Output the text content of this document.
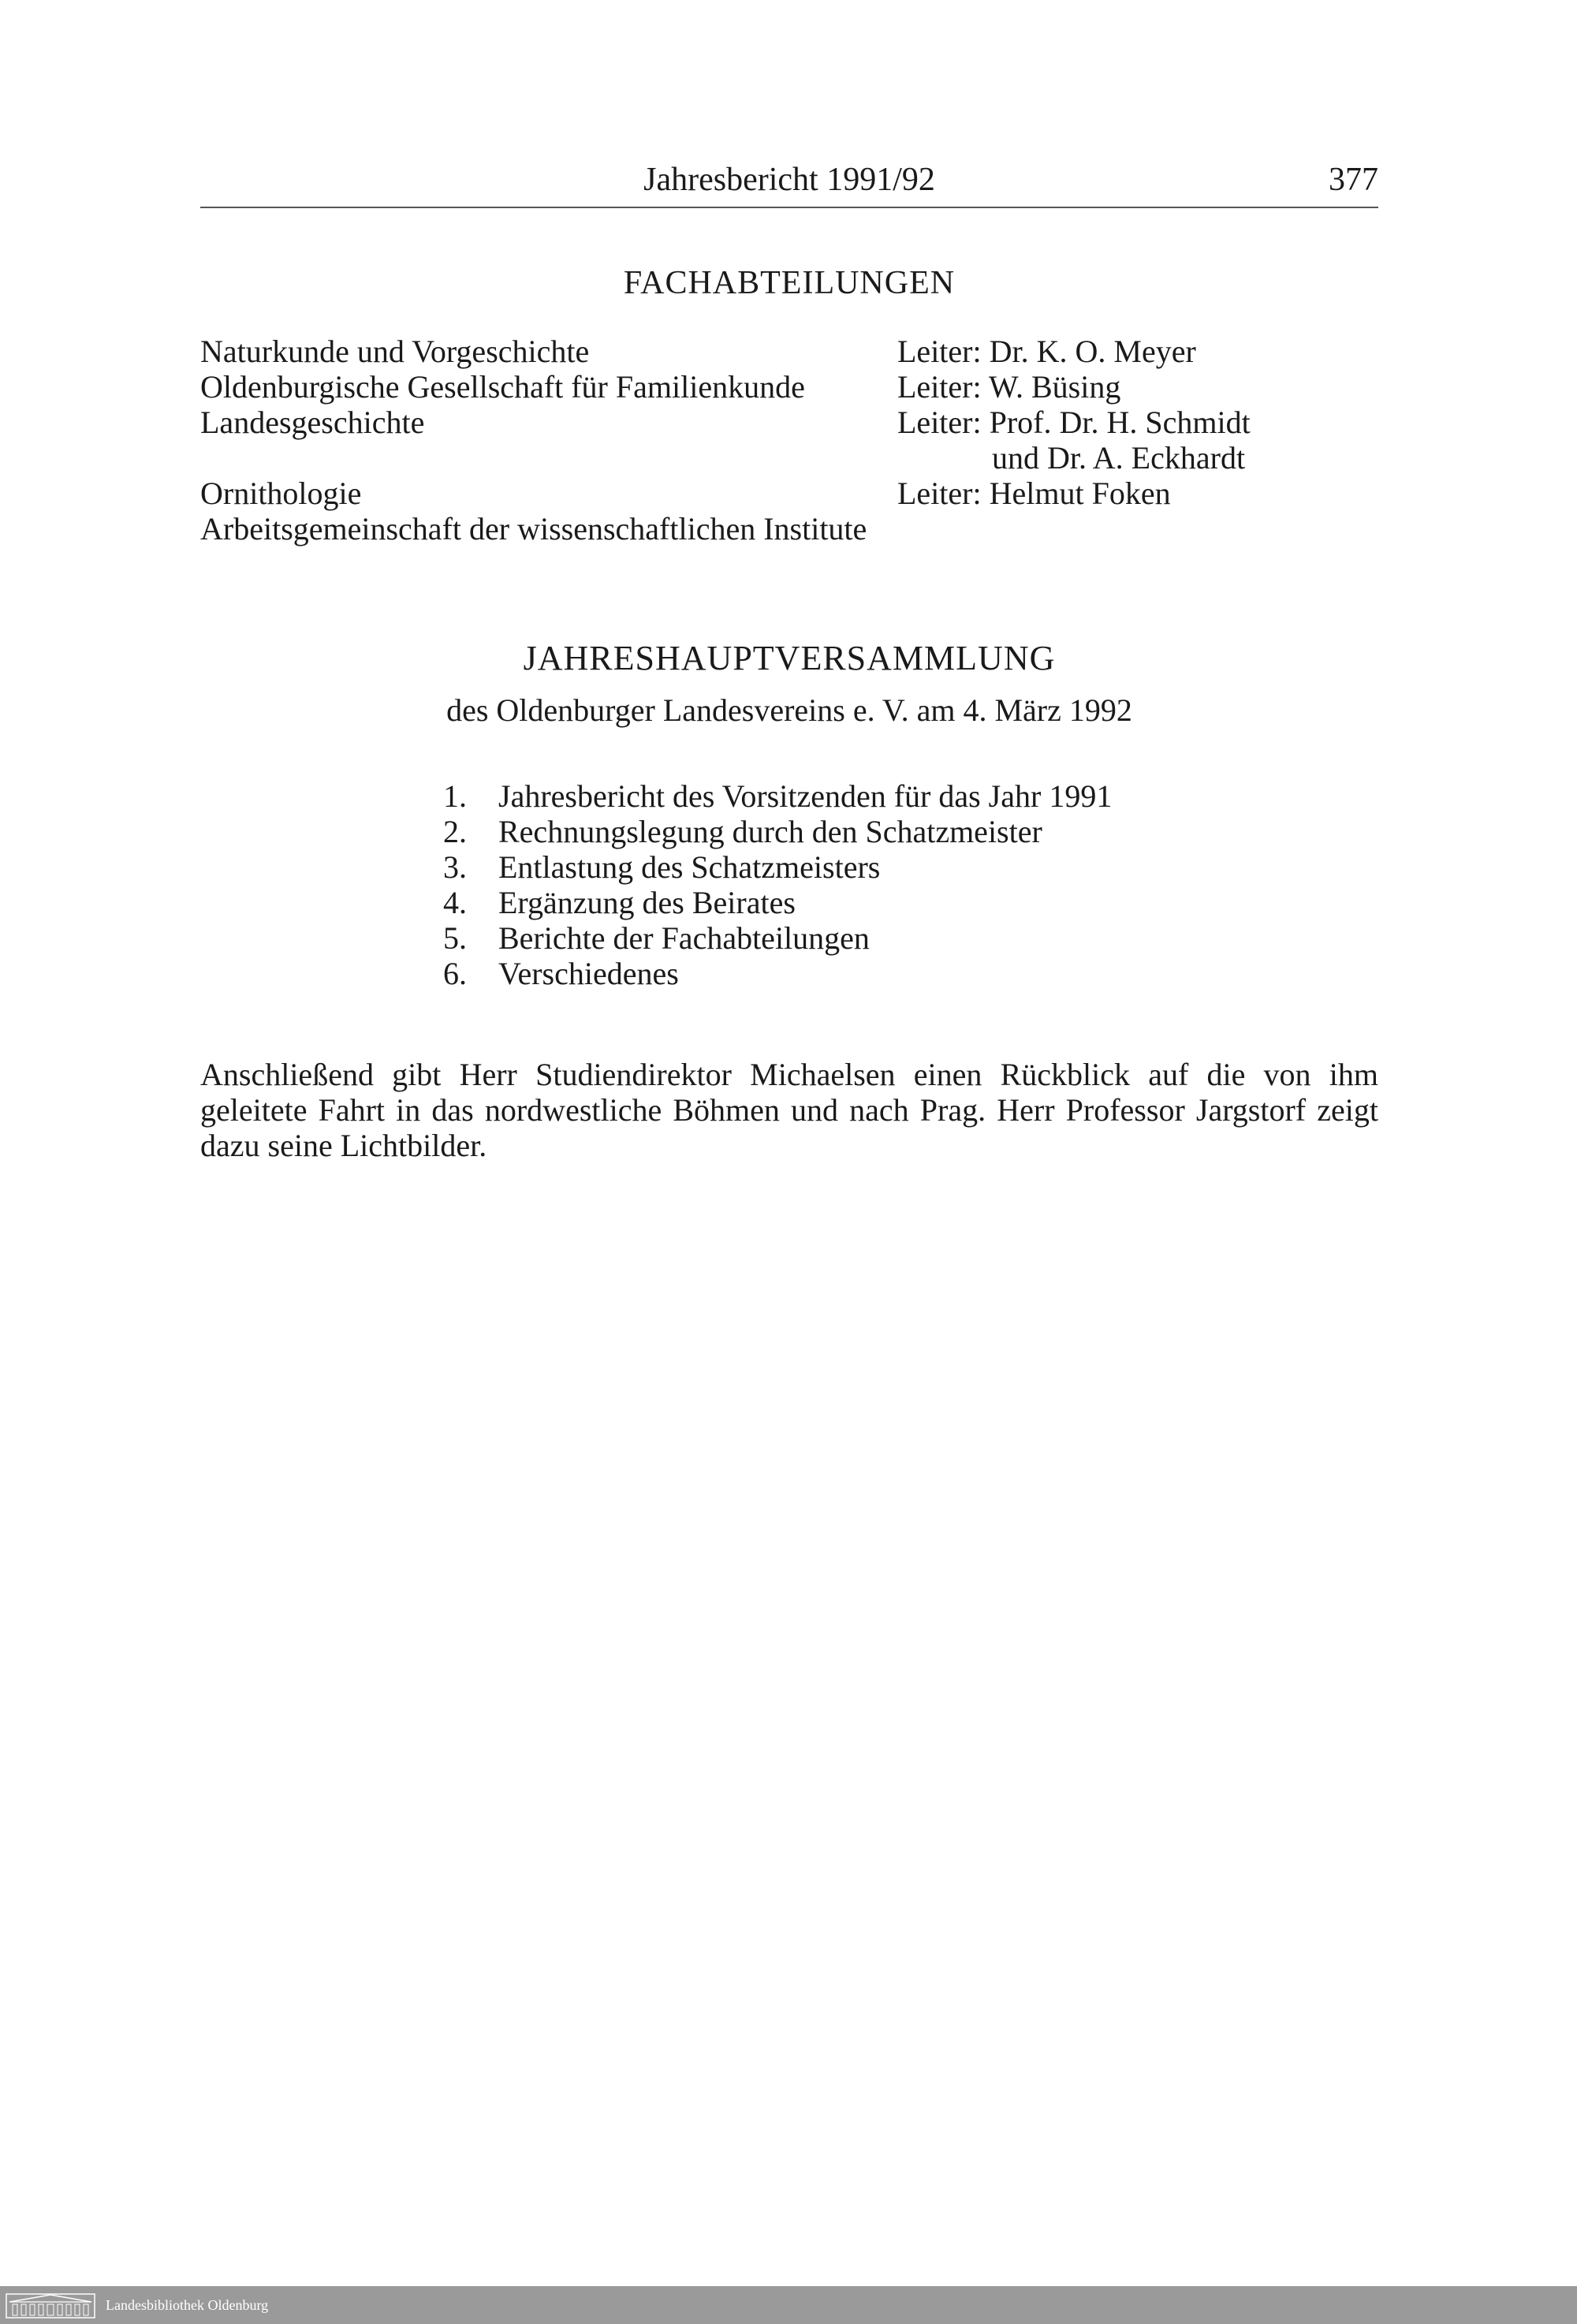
Jahresbericht 1991/92	377
FACHABTEILUNGEN
Naturkunde und Vorgeschichte	Leiter: Dr. K. O. Meyer
Oldenburgische Gesellschaft für Familienkunde	Leiter: W. Büsing
Landesgeschichte	Leiter: Prof. Dr. H. Schmidt
und Dr. A. Eckhardt
Ornithologie	Leiter: Helmut Foken
Arbeitsgemeinschaft der wissenschaftlichen Institute
JAHRESHAUPTVERSAMMLUNG
des Oldenburger Landesvereins e. V. am 4. März 1992
1. Jahresbericht des Vorsitzenden für das Jahr 1991
2. Rechnungslegung durch den Schatzmeister
3. Entlastung des Schatzmeisters
4. Ergänzung des Beirates
5. Berichte der Fachabteilungen
6. Verschiedenes

Anschließend gibt Herr Studiendirektor Michaelsen einen Rückblick auf die von ihm geleitete Fahrt in das nordwestliche Böhmen und nach Prag. Herr Professor Jargstorf zeigt dazu seine Lichtbilder.

Landesbibliothek Oldenburg
